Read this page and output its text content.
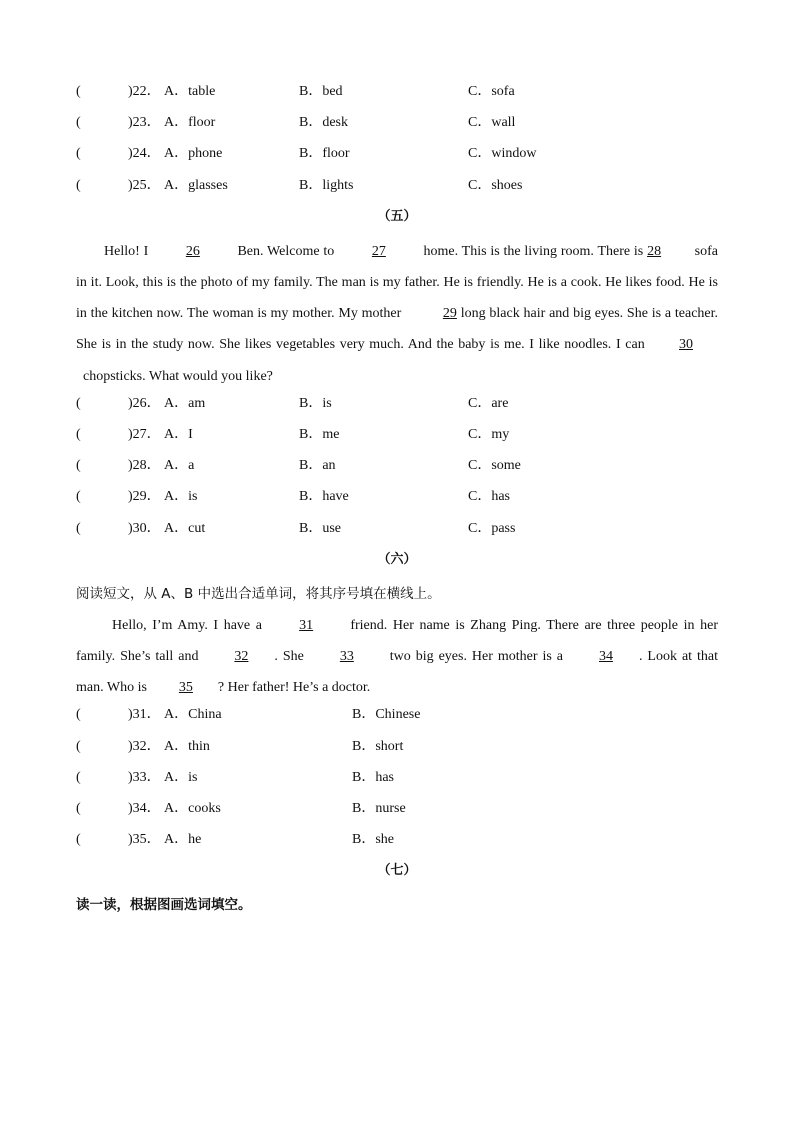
(	)22． A．table	B．bed	C．sofa
(	)23． A．floor	B．desk	C．wall
(	)24． A．phone	B．floor	C．window
(	)25． A．glasses	B．lights	C．shoes
（五）

Hello! I	26	Ben. Welcome to	27	home. This is the living room. There is 28 sofa in it. Look, this is the photo of my family. The man is my father. He is friendly. He is a cook. He likes food. He is in the kitchen now. The woman is my mother. My mother	29 long black hair and big eyes. She is a teacher. She is in the study now. She likes vegetables very much. And the baby is me. I like noodles. I can 30  chopsticks. What would you like?

(	)26． A．am	B．is	C．are
(	)27． A．I	B．me	C．my
(	)28． A．a	B．an	C．some
(	)29． A．is	B．have	C．has
(	)30． A．cut	B．use	C．pass
（六）
阅读短文，从 A、B 中选出合适单词，将其序号填在横线上。

Hello, I’m Amy. I have a	31	friend. Her name is Zhang Ping. There are three people in her family. She’s tall and	32 . She	33	two big eyes. Her mother is a	34 . Look at that man. Who is 35 ? Her father! He’s a doctor.

(	)31． A．China	B．Chinese
(	)32． A．thin	B．short
(	)33． A．is	B．has
(	)34． A．cooks	B．nurse
(	)35． A．he	B．she
（七）
读一读，根据图画选词填空。
